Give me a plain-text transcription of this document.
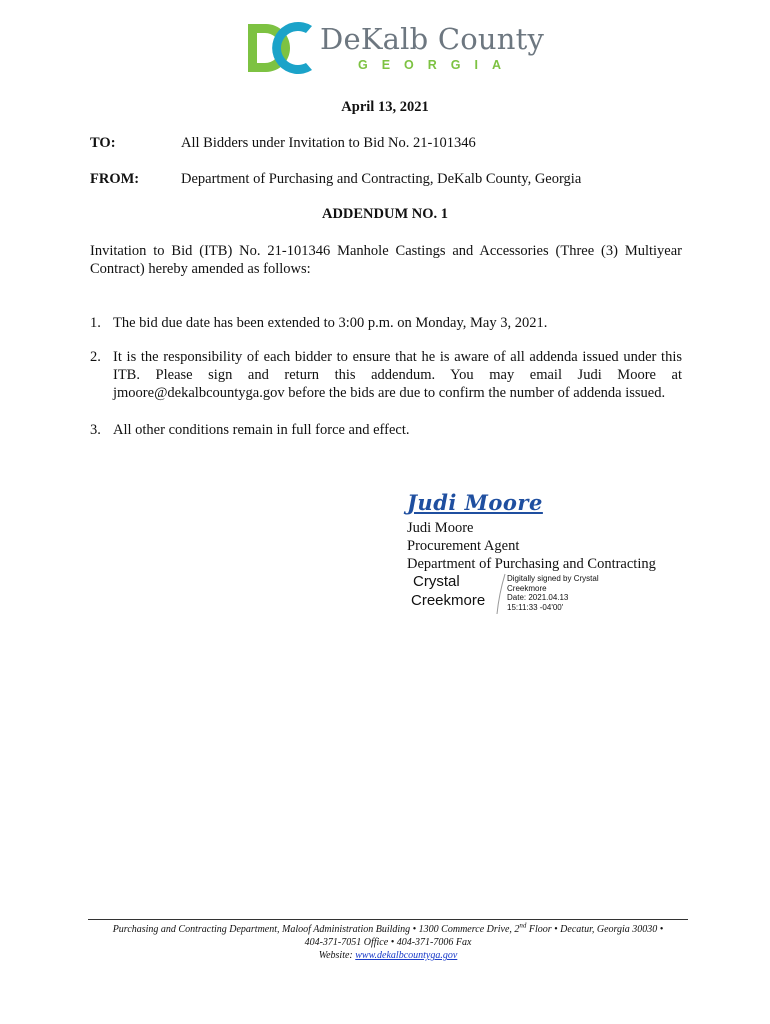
DeKalb County
GEORGIA
April 13, 2021
TO:	All Bidders under Invitation to Bid No. 21-101346
FROM:	Department of Purchasing and Contracting, DeKalb County, Georgia
ADDENDUM NO. 1
Invitation to Bid (ITB) No. 21-101346 Manhole Castings and Accessories (Three (3) Multiyear Contract) hereby amended as follows:
1. The bid due date has been extended to 3:00 p.m. on Monday, May 3, 2021.
2. It is the responsibility of each bidder to ensure that he is aware of all addenda issued under this ITB. Please sign and return this addendum. You may email Judi Moore at jmoore@dekalbcountyga.gov before the bids are due to confirm the number of addenda issued.
3. All other conditions remain in full force and effect.
Judi Moore
Judi Moore
Procurement Agent
Department of Purchasing and Contracting
Crystal
Creekmore
Digitally signed by Crystal
Creekmore
Date: 2021.04.13
15:11:33 -04'00'
Purchasing and Contracting Department, Maloof Administration Building • 1300 Commerce Drive, 2nd Floor • Decatur, Georgia 30030 •
404-371-7051 Office • 404-371-7006 Fax
Website: www.dekalbcountyga.gov
